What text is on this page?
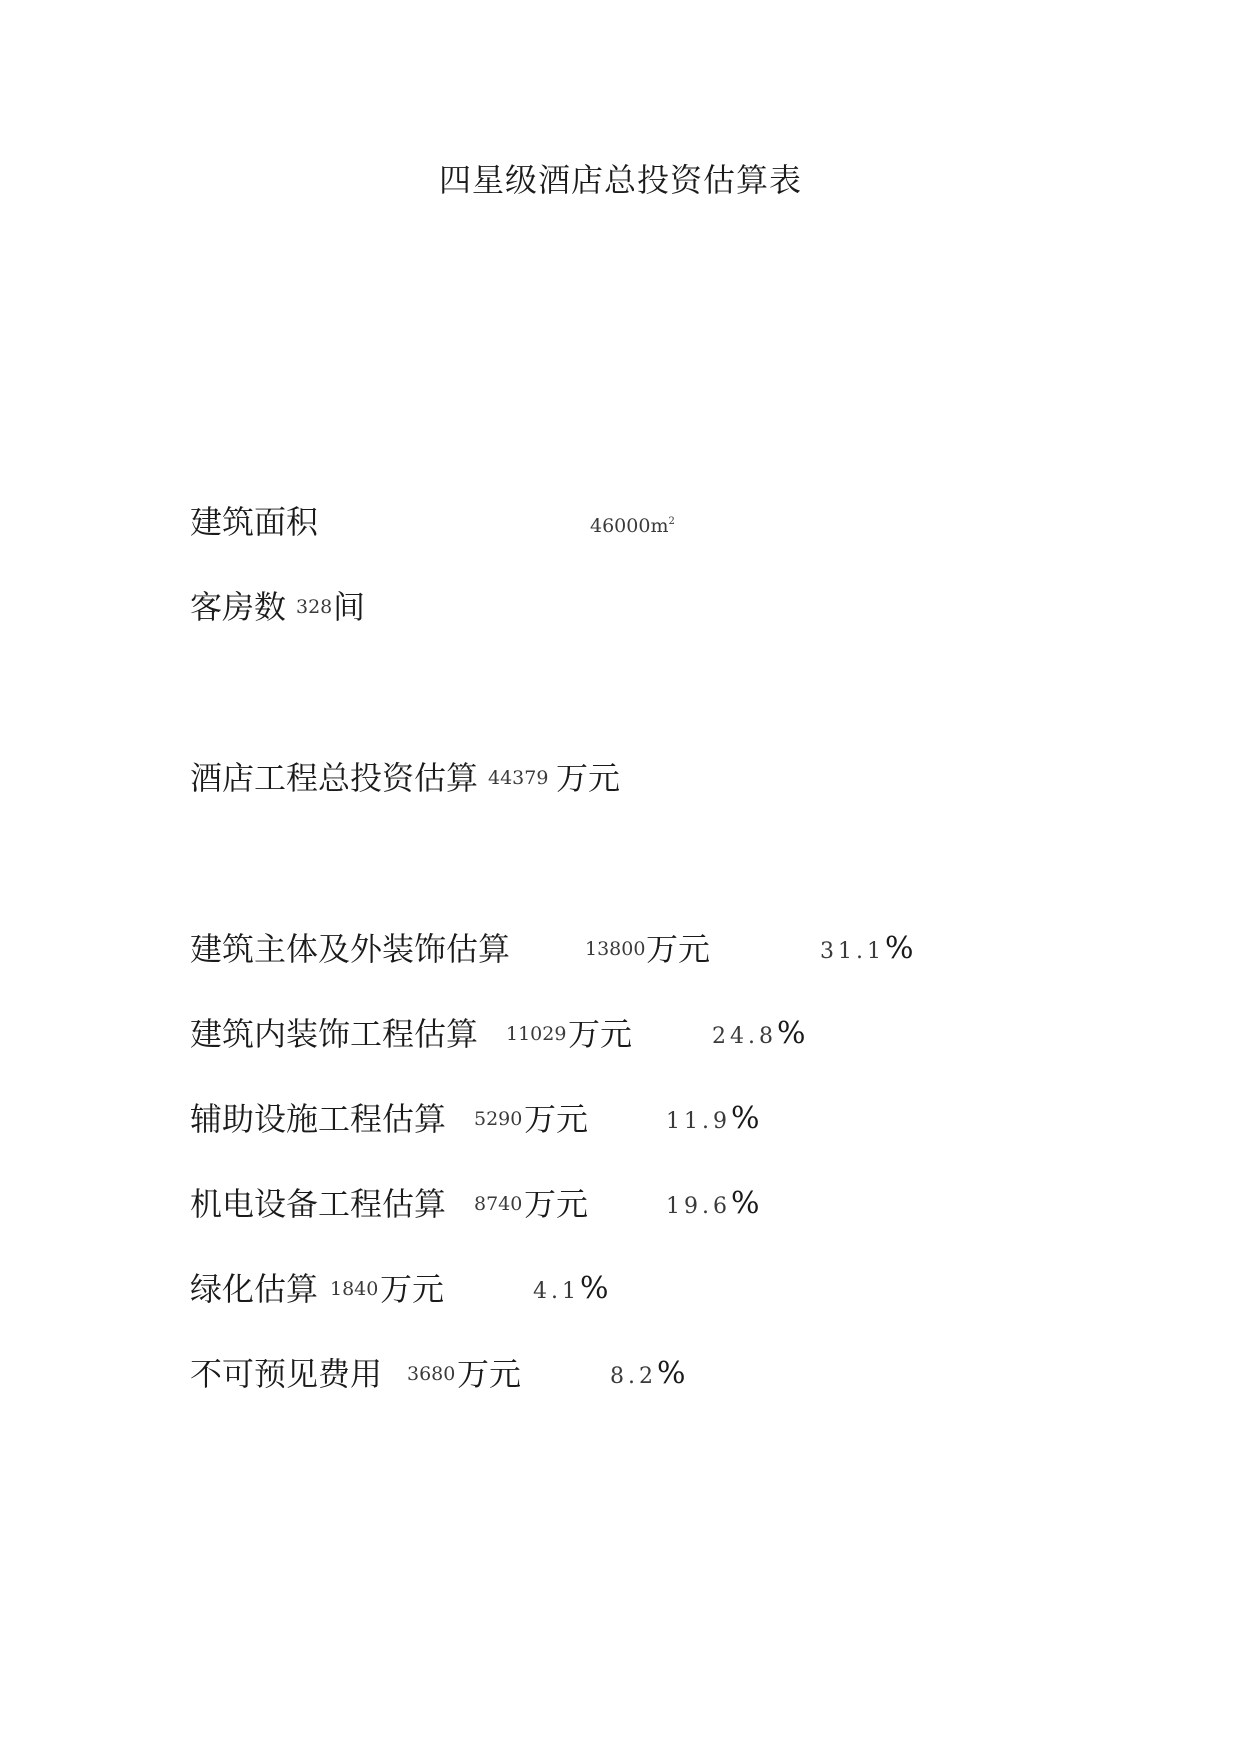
四星级酒店总投资估算表
建筑面积	$46000m^2$
客房数 328 间
酒店工程总投资估算 44379 万元
建筑主体及外装饰估算	13800 万元	31.1%
建筑内装饰工程估算 11029 万元	24.8%
辅助设施工程估算 5290 万元	11.9%
机电设备工程估算 8740 万元	19.6%
绿化估算 1840 万元	4.1%
不可预见费用 3680 万元	8.2%
